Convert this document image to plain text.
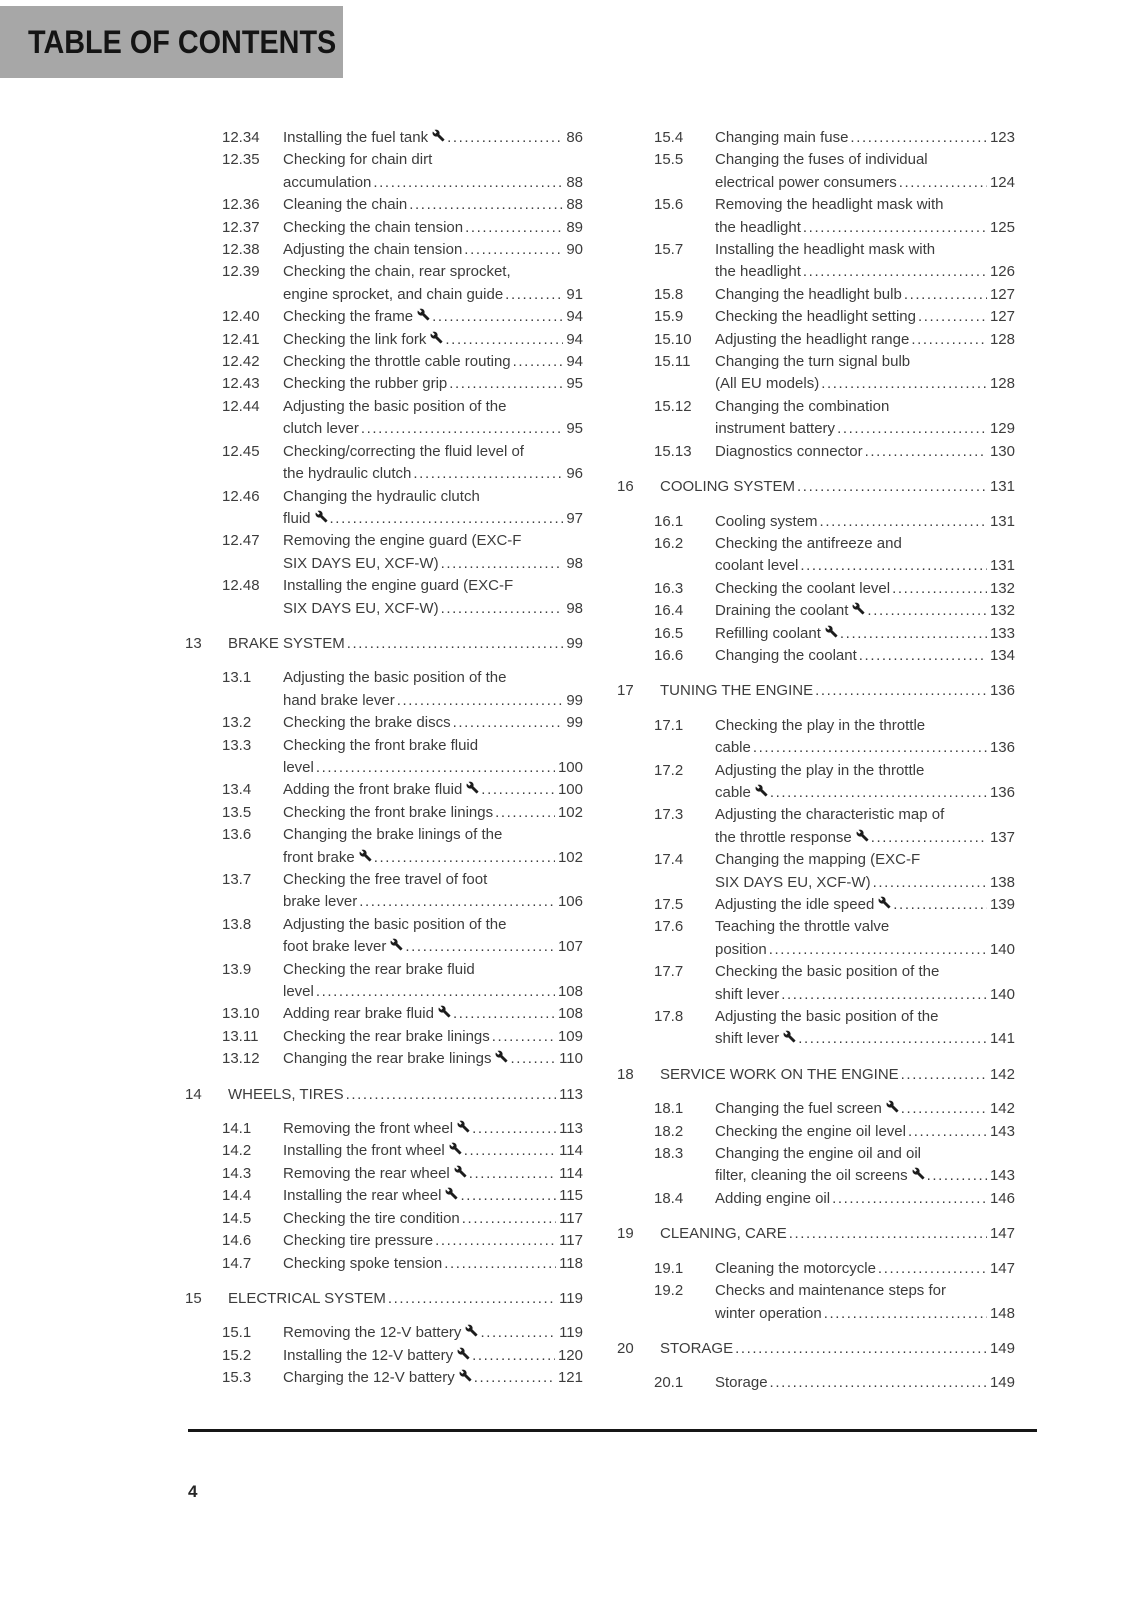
TABLE OF CONTENTS
12.34	Installing the fuel tank .....	86
12.35	Checking for chain dirt
accumulation .....	88
12.36	Cleaning the chain .....	88
12.37	Checking the chain tension .....	89
12.38	Adjusting the chain tension .....	90
12.39	Checking the chain, rear sprocket,
engine sprocket, and chain guide .....	91
12.40	Checking the frame .....	94
12.41	Checking the link fork .....	94
12.42	Checking the throttle cable routing .....	94
12.43	Checking the rubber grip .....	95
12.44	Adjusting the basic position of the
clutch lever .....	95
12.45	Checking/correcting the fluid level of
the hydraulic clutch .....	96
12.46	Changing the hydraulic clutch
fluid .....	97
12.47	Removing the engine guard (EXC-F
SIX DAYS EU, XCF-W) .....	98
12.48	Installing the engine guard (EXC-F
SIX DAYS EU, XCF-W) .....	98
13	BRAKE SYSTEM .....	99
13.1	Adjusting the basic position of the
hand brake lever .....	99
13.2	Checking the brake discs .....	99
13.3	Checking the front brake fluid
level .....	100
13.4	Adding the front brake fluid .....	100
13.5	Checking the front brake linings .....	102
13.6	Changing the brake linings of the
front brake .....	102
13.7	Checking the free travel of foot
brake lever .....	106
13.8	Adjusting the basic position of the
foot brake lever .....	107
13.9	Checking the rear brake fluid
level .....	108
13.10	Adding rear brake fluid .....	108
13.11	Checking the rear brake linings .....	109
13.12	Changing the rear brake linings .....	110
14	WHEELS, TIRES .....	113
14.1	Removing the front wheel .....	113
14.2	Installing the front wheel .....	114
14.3	Removing the rear wheel .....	114
14.4	Installing the rear wheel .....	115
14.5	Checking the tire condition .....	117
14.6	Checking tire pressure .....	117
14.7	Checking spoke tension .....	118
15	ELECTRICAL SYSTEM .....	119
15.1	Removing the 12-V battery .....	119
15.2	Installing the 12-V battery .....	120
15.3	Charging the 12-V battery .....	121
15.4	Changing main fuse .....	123
15.5	Changing the fuses of individual
electrical power consumers .....	124
15.6	Removing the headlight mask with
the headlight .....	125
15.7	Installing the headlight mask with
the headlight .....	126
15.8	Changing the headlight bulb .....	127
15.9	Checking the headlight setting .....	127
15.10	Adjusting the headlight range .....	128
15.11	Changing the turn signal bulb
(All EU models) .....	128
15.12	Changing the combination
instrument battery .....	129
15.13	Diagnostics connector .....	130
16	COOLING SYSTEM .....	131
16.1	Cooling system .....	131
16.2	Checking the antifreeze and
coolant level .....	131
16.3	Checking the coolant level .....	132
16.4	Draining the coolant .....	132
16.5	Refilling coolant .....	133
16.6	Changing the coolant .....	134
17	TUNING THE ENGINE .....	136
17.1	Checking the play in the throttle
cable .....	136
17.2	Adjusting the play in the throttle
cable .....	136
17.3	Adjusting the characteristic map of
the throttle response .....	137
17.4	Changing the mapping (EXC-F
SIX DAYS EU, XCF-W) .....	138
17.5	Adjusting the idle speed .....	139
17.6	Teaching the throttle valve
position .....	140
17.7	Checking the basic position of the
shift lever .....	140
17.8	Adjusting the basic position of the
shift lever .....	141
18	SERVICE WORK ON THE ENGINE .....	142
18.1	Changing the fuel screen .....	142
18.2	Checking the engine oil level .....	143
18.3	Changing the engine oil and oil
filter, cleaning the oil screens .....	143
18.4	Adding engine oil .....	146
19	CLEANING, CARE .....	147
19.1	Cleaning the motorcycle .....	147
19.2	Checks and maintenance steps for
winter operation .....	148
20	STORAGE .....	149
20.1	Storage .....	149
4
